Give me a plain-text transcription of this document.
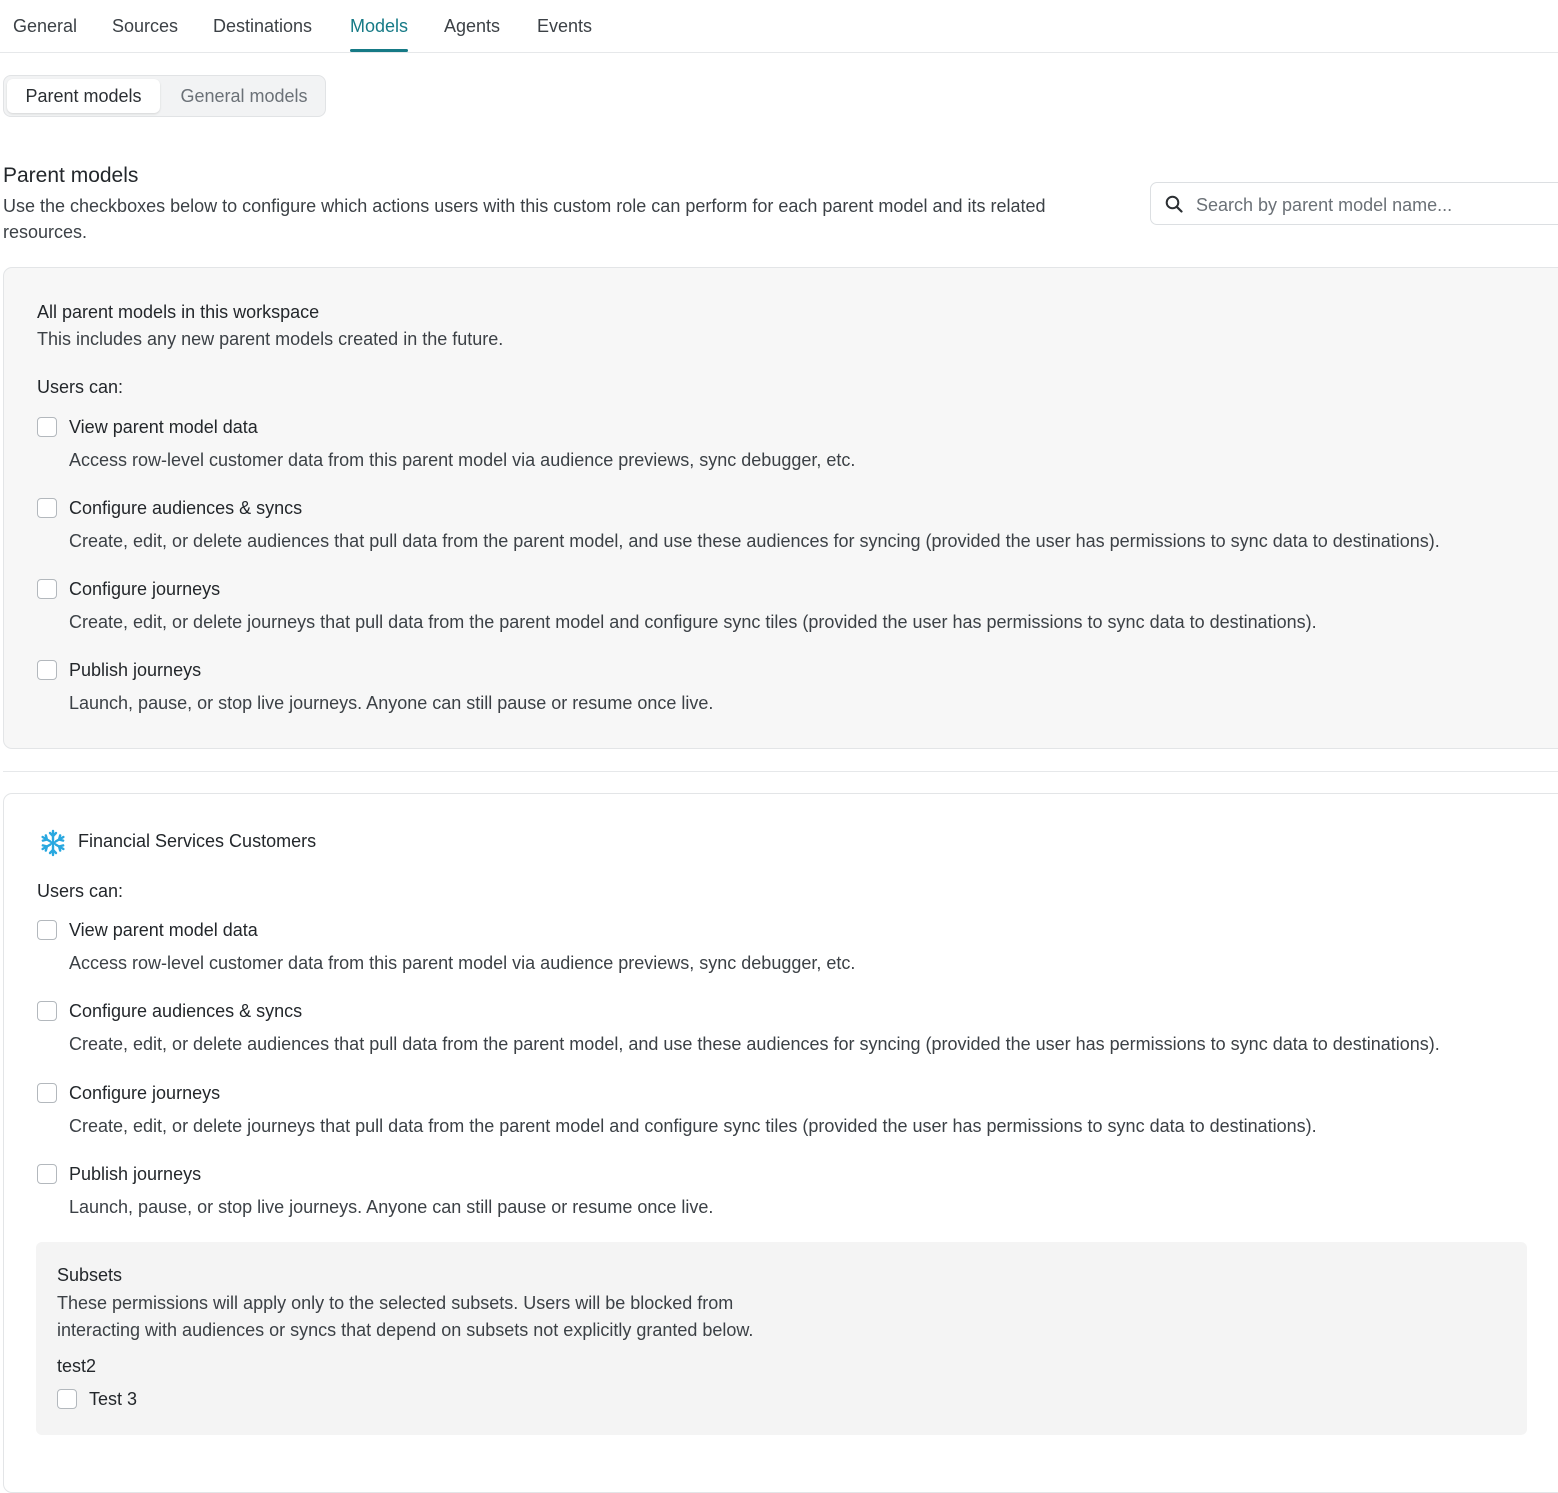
General Sources Destinations Models Agents Events
Parent models	General models
Parent models
Use the checkboxes below to configure which actions users with this custom role can perform for each parent model and its related resources.
Search by parent model name...
All parent models in this workspace
This includes any new parent models created in the future.
Users can:
View parent model data
Access row-level customer data from this parent model via audience previews, sync debugger, etc.
Configure audiences & syncs
Create, edit, or delete audiences that pull data from the parent model, and use these audiences for syncing (provided the user has permissions to sync data to destinations).
Configure journeys
Create, edit, or delete journeys that pull data from the parent model and configure sync tiles (provided the user has permissions to sync data to destinations).
Publish journeys
Launch, pause, or stop live journeys. Anyone can still pause or resume once live.
Financial Services Customers
Users can:
View parent model data
Access row-level customer data from this parent model via audience previews, sync debugger, etc.
Configure audiences & syncs
Create, edit, or delete audiences that pull data from the parent model, and use these audiences for syncing (provided the user has permissions to sync data to destinations).
Configure journeys
Create, edit, or delete journeys that pull data from the parent model and configure sync tiles (provided the user has permissions to sync data to destinations).
Publish journeys
Launch, pause, or stop live journeys. Anyone can still pause or resume once live.
Subsets
These permissions will apply only to the selected subsets. Users will be blocked from interacting with audiences or syncs that depend on subsets not explicitly granted below.
test2
Test 3
